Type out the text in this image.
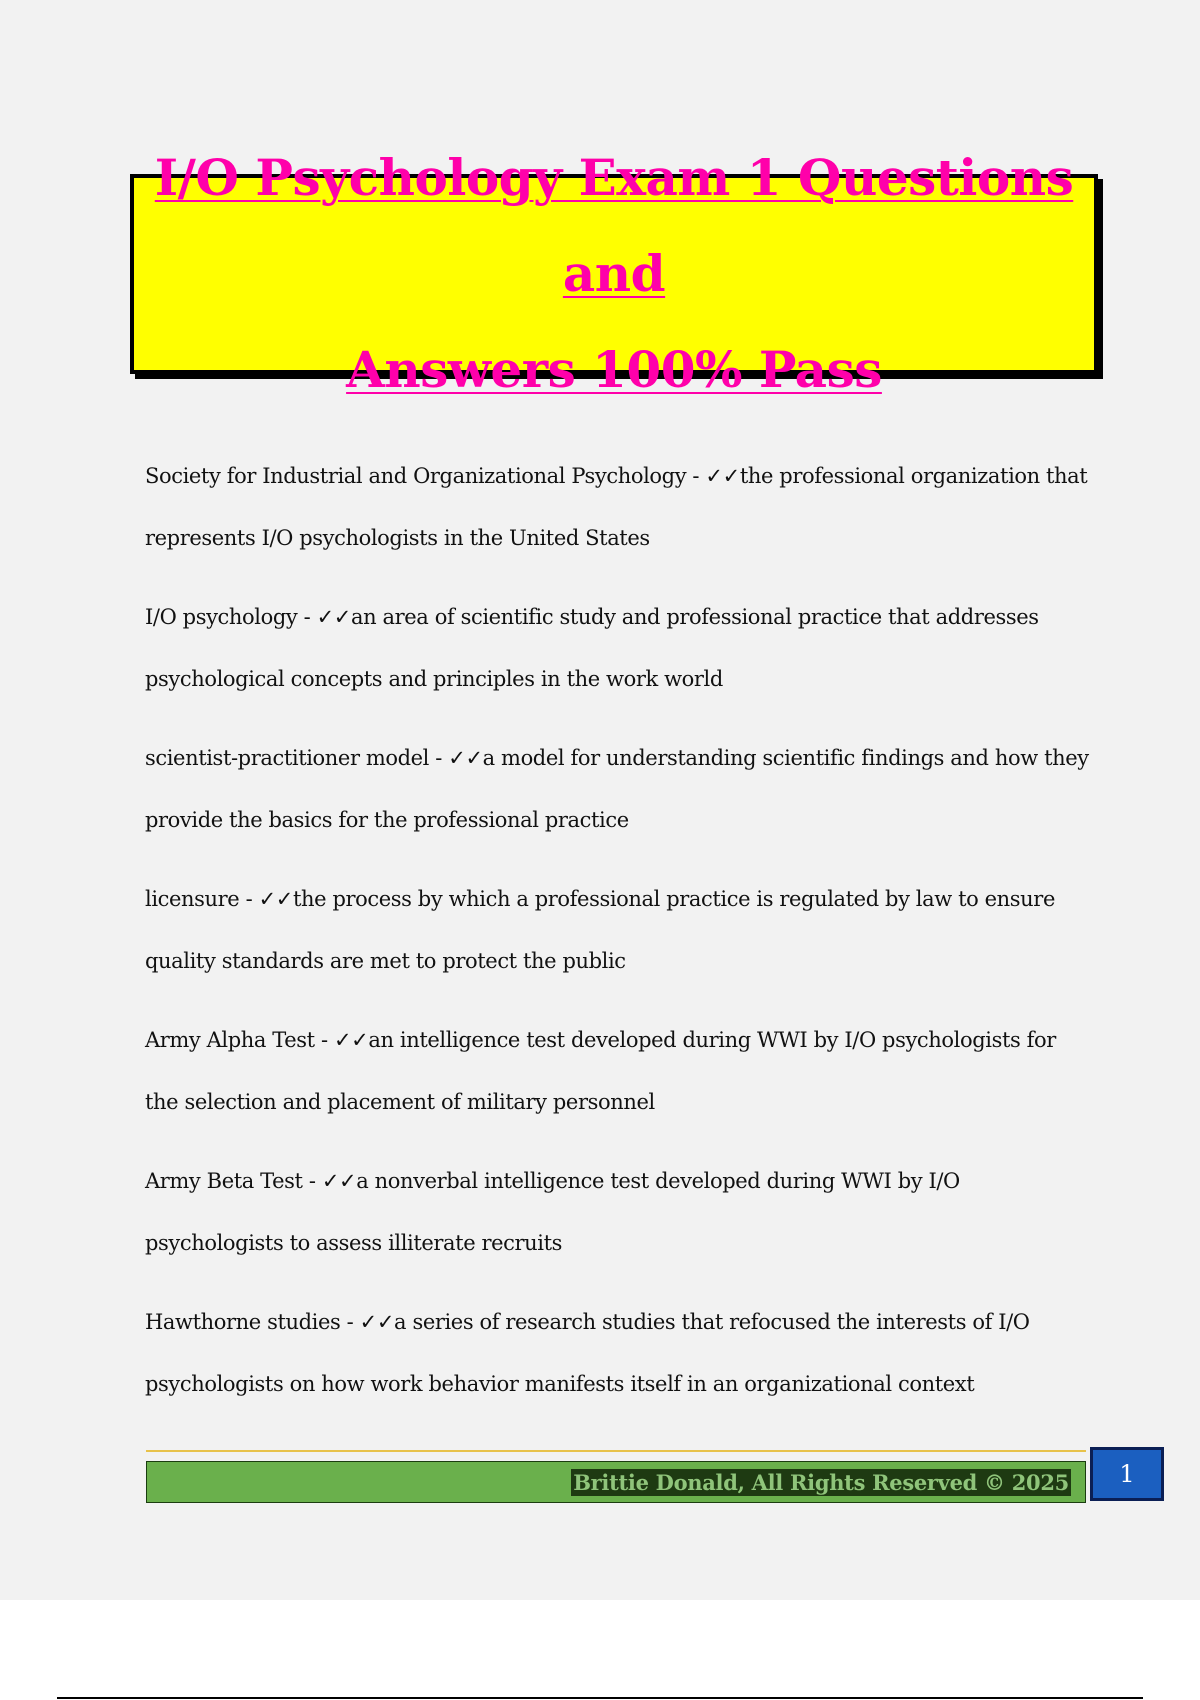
I/O Psychology Exam 1 Questions and
Answers 100% Pass

Society for Industrial and Organizational Psychology - ✓✓the professional organization that represents I/O psychologists in the United States

I/O psychology - ✓✓an area of scientific study and professional practice that addresses psychological concepts and principles in the work world

scientist-practitioner model - ✓✓a model for understanding scientific findings and how they provide the basics for the professional practice

licensure - ✓✓the process by which a professional practice is regulated by law to ensure quality standards are met to protect the public

Army Alpha Test - ✓✓an intelligence test developed during WWI by I/O psychologists for the selection and placement of military personnel

Army Beta Test - ✓✓a nonverbal intelligence test developed during WWI by I/O psychologists to assess illiterate recruits

Hawthorne studies - ✓✓a series of research studies that refocused the interests of I/O psychologists on how work behavior manifests itself in an organizational context

Brittie Donald, All Rights Reserved © 2025	1
